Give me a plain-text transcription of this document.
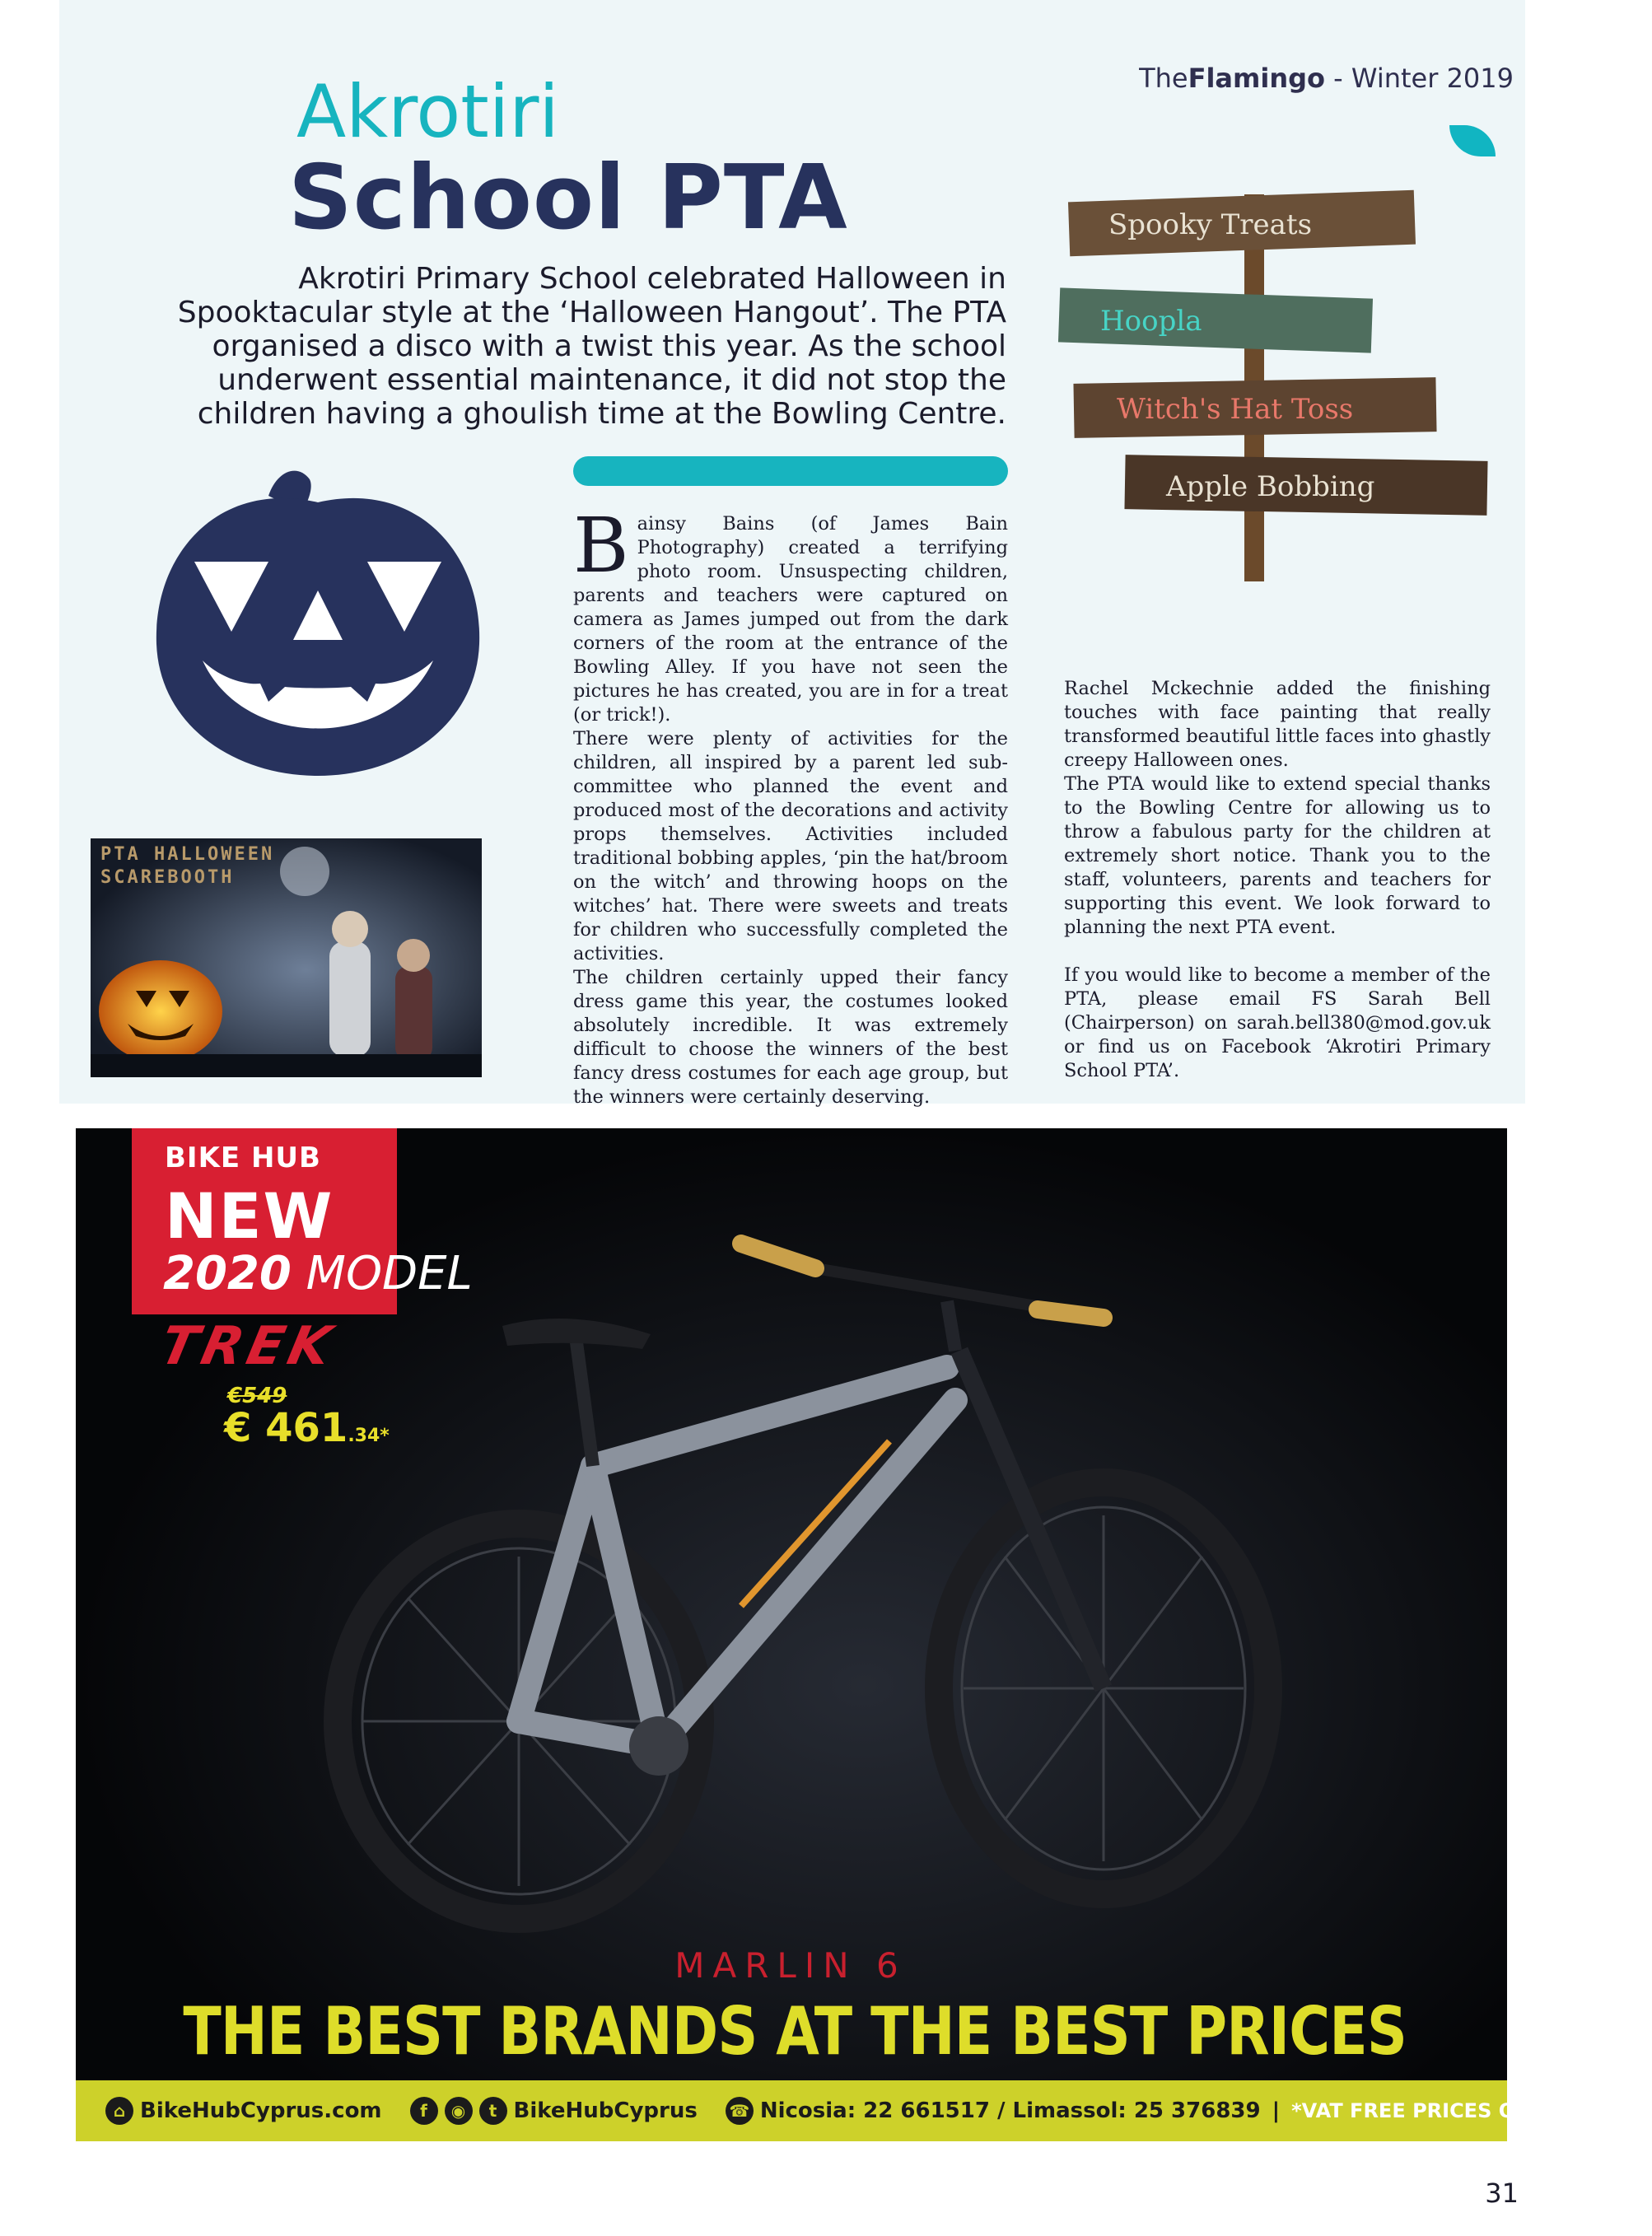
TheFlamingo - Winter 2019
Akrotiri
School PTA
Akrotiri Primary School celebrated Halloween in Spooktacular style at the ‘Halloween Hangout’. The PTA organised a disco with a twist this year. As the school underwent essential maintenance, it did not stop the children having a ghoulish time at the Bowling Centre.
PTA HALLOWEEN
SCAREBOOTH
B ainsy Bains (of James Bain Photography) created a terrifying photo room. Unsuspecting children, parents and teachers were captured on camera as James jumped out from the dark corners of the room at the entrance of the Bowling Alley. If you have not seen the pictures he has created, you are in for a treat (or trick!).

There were plenty of activities for the children, all inspired by a parent led sub-committee who planned the event and produced most of the decorations and activity props themselves. Activities included traditional bobbing apples, ‘pin the hat/broom on the witch’ and throwing hoops on the witches’ hat. There were sweets and treats for children who successfully completed the activities.

The children certainly upped their fancy dress game this year, the costumes looked absolutely incredible. It was extremely difficult to choose the winners of the best fancy dress costumes for each age group, but the winners were certainly deserving.

Spooky Treats
Hoopla
Witch's Hat Toss
Apple Bobbing

Rachel Mckechnie added the finishing touches with face painting that really transformed beautiful little faces into ghastly creepy Halloween ones.

The PTA would like to extend special thanks to the Bowling Centre for allowing us to throw a fabulous party for the children at extremely short notice. Thank you to the staff, volunteers, parents and teachers for supporting this event. We look forward to planning the next PTA event.

If you would like to become a member of the PTA, please email FS Sarah Bell (Chairperson) on sarah.bell380@mod.gov.uk or find us on Facebook ‘Akrotiri Primary School PTA’.

BIKE HUB
NEW
2020 MODEL
TREK
€549
€ 461.34*
MARLIN 6
THE BEST BRANDS AT THE BEST PRICES
⌂ BikeHubCyprus.com	f	◉	t BikeHubCyprus ☎ Nicosia: 22 661517 / Limassol: 25 376839 | *VAT FREE PRICES ON ALL BIKES
31
